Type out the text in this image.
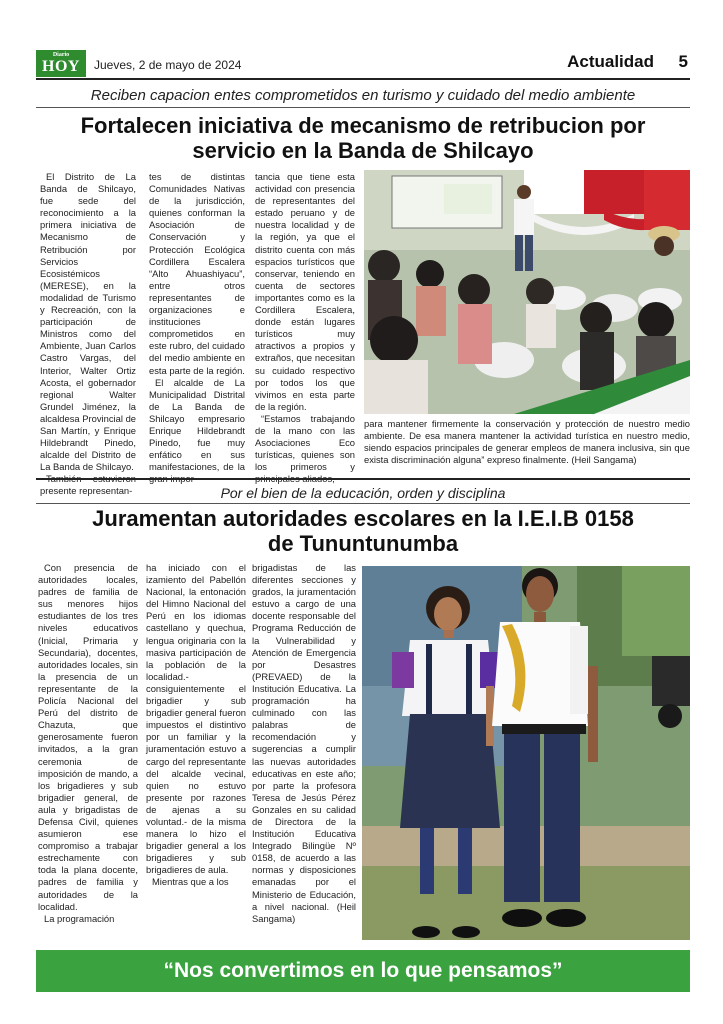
Diario
HOY	Jueves, 2 de mayo de 2024	Actualidad 5
Reciben capacion entes comprometidos en turismo y cuidado del medio ambiente
Fortalecen iniciativa de mecanismo de retribucion por
servicio en la Banda de Shilcayo

El Distrito de La Banda de Shilcayo, fue sede del reconocimiento a la primera iniciativa de Mecanismo de Retribución por Servicios Ecosistémicos (MERESE), en la modalidad de Turismo y Recreación, con la participación de Ministros como del Ambiente, Juan Carlos Castro Vargas, del Interior, Walter Ortiz Acosta, el gobernador regional Walter Grundel Jiménez, la alcaldesa Provincial de San Martín, y Enrique Hildebrandt Pinedo, alcalde del Distrito de La Banda de Shilcayo.

presente representan-

tes de distintas Comunidades Nativas de la jurisdicción, quienes conforman la Asociación de Conservación y Protección Ecológica Cordillera Escalera “Alto Ahuashiyacu”, entre otros representantes de organizaciones e instituciones comprometidos en este rubro, del cuidado del medio ambiente en esta parte de la región.

El alcalde de La Municipalidad Distrital de La Banda de Shilcayo empresario Enrique Hildebrandt Pinedo, fue muy enfático en sus manifestaciones, de la

tancia que tiene esta actividad con presencia de representantes del estado peruano y de nuestra localidad y de la región, ya que el distrito cuenta con más espacios turísticos que conservar, teniendo en cuenta de sectores importantes como es la Cordillera Escalera, donde están lugares turísticos muy atractivos a propios y extraños, que necesitan su cuidado respectivo por todos los que vivimos en esta parte de la región.

“Estamos trabajando de la mano con las Asociaciones Eco turísticas, quienes son los primeros y

para mantener firmemente la conservación y protección de nuestro medio ambiente. De esa manera mantener la actividad turística en nuestro medio, siendo espacios principales de generar empleos de manera inclusiva, sin que exista discriminación alguna” expreso finalmente. (Heil Sangama)
Por el bien de la educación, orden y disciplina
Juramentan autoridades escolares en la I.E.I.B 0158
de Tununtunumba

Con presencia de autoridades locales, padres de familia de sus menores hijos estudiantes de los tres niveles educativos (Inicial, Primaria y Secundaria), docentes, autoridades locales, sin la presencia de un representante de la Policía Nacional del Perú del distrito de Chazuta, que generosamente fueron invitados, a la gran ceremonia de imposición de mando, a los brigadieres y sub brigadier general, de aula y brigadistas de Defensa Civil, quienes asumieron ese compromiso a trabajar estrechamente con toda la plana docente, padres de familia y autoridades de la localidad.

La programación

ha iniciado con el izamiento del Pabellón Nacional, la entonación del Himno Nacional del Perú en los idiomas castellano y quechua, lengua originaria con la masiva participación de la población de la localidad.- consiguientemente el brigadier y sub brigadier general fueron impuestos el distintivo por un familiar y la juramentación estuvo a cargo del representante del alcalde vecinal, quien no estuvo presente por razones de ajenas a su voluntad.- de la misma manera lo hizo el brigadier general a los brigadieres y sub brigadieres de aula.

Mientras que a los

brigadistas de las diferentes secciones y grados, la juramentación estuvo a cargo de una docente responsable del Programa Reducción de la Vulnerabilidad y Atención de Emergencia por Desastres (PREVAED) de la Institución Educativa. La programación ha culminado con las palabras de recomendación y sugerencias a cumplir las nuevas autoridades educativas en este año; por parte la profesora Teresa de Jesús Pérez Gonzales en su calidad de Directora de la Institución Educativa Integrado Bilingüe Nº 0158, de acuerdo a las normas y disposiciones emanadas por el Ministerio de Educación, a nivel nacional. (Heil Sangama)

“Nos convertimos en lo que pensamos”
